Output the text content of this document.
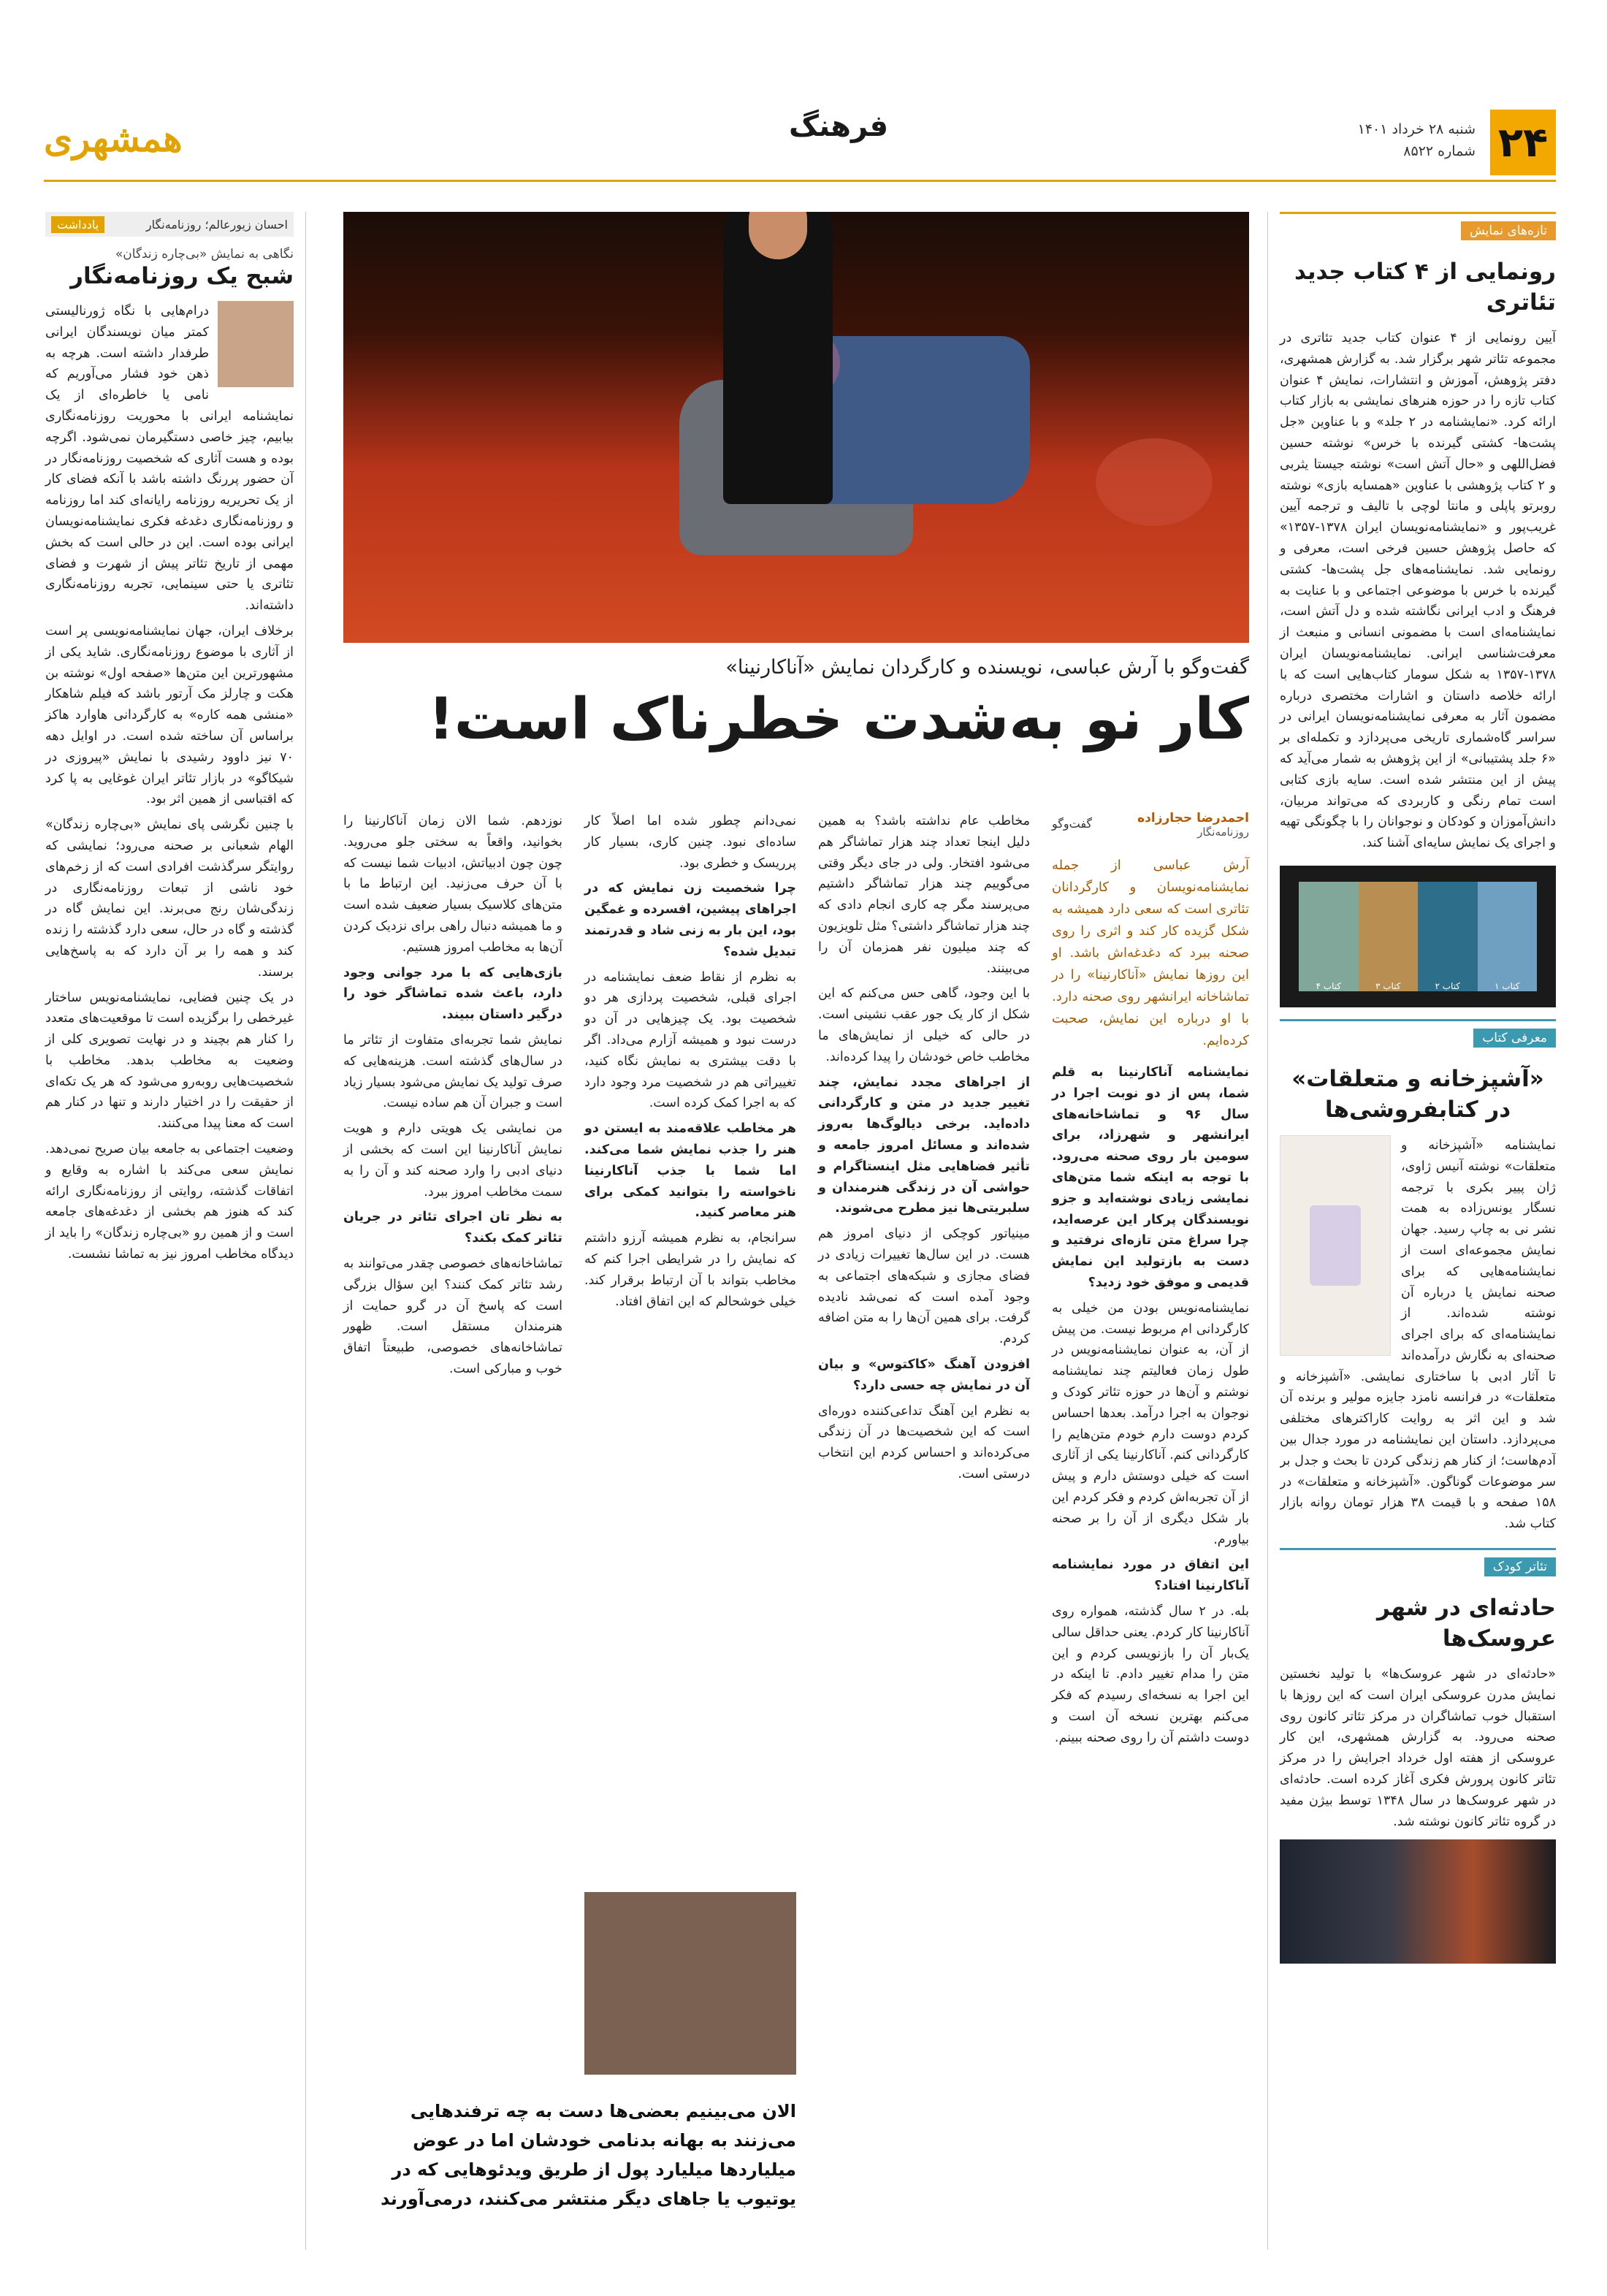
۲۴
شنبه ۲۸ خرداد ۱۴۰۱
شماره ۸۵۲۲
همشهری
تازه‌های نمایش
رونمایی از ۴ کتاب جدید تئاتری
آیین رونمایی از ۴ عنوان کتاب جدید تئاتری در مجموعه تئاتر شهر برگزار شد. به گزارش همشهری، دفتر پژوهش، آموزش و انتشارات، نمایش ۴ عنوان کتاب تازه را در حوزه هنرهای نمایشی به بازار کتاب ارائه کرد. «نمایشنامه در ۲ جلد» و با عناوین «جل پشت‌ها- کشتی گیرنده با خرس» نوشته حسین فضل‌اللهی و «حال آتش است» نوشته جیستا یثربی و ۲ کتاب پژوهشی با عناوین «همسایه بازی» نوشته روبرتو پاپلی و مانتا لوچی با تالیف و ترجمه آیین غریب‌پور و «نمایشنامه‌نویسان ایران ۱۳۷۸-۱۳۵۷» که حاصل پژوهش حسین فرخی است، معرفی و رونمایی شد. نمایشنامه‌های جل پشت‌ها- کشتی گیرنده با خرس با موضوعی اجتماعی و با عنایت به فرهنگ و ادب ایرانی نگاشته شده و دل آتش است، نمایشنامه‌ای است با مضمونی انسانی و منبعث از معرفت‌شناسی ایرانی. نمایشنامه‌نویسان ایران ۱۳۷۸-۱۳۵۷ به شکل سومار کتاب‌هایی است که با ارائه خلاصه داستان و اشارات مختصری درباره مضمون آثار به معرفی نمایشنامه‌نویسان ایرانی در سراسر گاه‌شماری تاریخی می‌پردازد و تکمله‌ای بر «۶ جلد پشتیبانی» از این پژوهش به شمار می‌آید که پیش از این منتشر شده است. سایه بازی کتابی است تمام رنگی و کاربردی که می‌تواند مربیان، دانش‌آموزان و کودکان و نوجوانان را با چگونگی تهیه و اجرای یک نمایش سایه‌ای آشنا کند.
کتاب ۱
کتاب ۲
کتاب ۳
کتاب ۴
معرفی کتاب
«آشپزخانه و متعلقات» در کتابفروشی‌ها
نمایشنامه «آشپزخانه و متعلقات» نوشته آنیس ژاوی، ژان پییر بکری با ترجمه نسگار یونس‌زاده به همت نشر نی به چاپ رسید. جهان نمایش مجموعه‌ای است از نمایشنامه‌هایی که برای صحنه نمایش یا درباره آن نوشته شده‌اند. از نمایشنامه‌ای که برای اجرای صحنه‌ای به نگارش درآمده‌اند تا آثار ادبی با ساختاری نمایشی. «آشپزخانه و متعلقات» در فرانسه نامزد جایزه مولیر و برنده آن شد و این اثر به روایت کاراکترهای مختلفی می‌پردازد. داستان این نمایشنامه در مورد جدال بین آدم‌هاست؛ از کنار هم زندگی کردن تا بحث و جدل بر سر موضوعات گوناگون. «آشپزخانه و متعلقات» در ۱۵۸ صفحه و با قیمت ۳۸ هزار تومان روانه بازار کتاب شد.
تئاتر کودک
حادثه‌ای در شهر عروسک‌ها
«حادثه‌ای در شهر عروسک‌ها» با تولید نخستین نمایش مدرن عروسکی ایران است که این روزها با استقبال خوب تماشاگران در مرکز تئاتر کانون روی صحنه می‌رود. به گزارش همشهری، این کار عروسکی از هفته اول خرداد اجرایش را در مرکز تئاتر کانون پرورش فکری آغاز کرده است. حادثه‌ای در شهر عروسک‌ها در سال ۱۳۴۸ توسط بیژن مفید در گروه تئاتر کانون نوشته شد.
احسان زیورعالم؛ روزنامه‌نگار
یادداشت
نگاهی به نمایش «بی‌چاره زندگان»
شبح یک روزنامه‌نگار

درام‌هایی با نگاه ژورنالیستی کمتر میان نویسندگان ایرانی طرفدار داشته است. هرچه به ذهن خود فشار می‌آوریم که نامی یا خاطره‌ای از یک نمایشنامه ایرانی با محوریت روزنامه‌نگاری بیابیم، چیز خاصی دستگیرمان نمی‌شود. اگرچه بوده و هست آثاری که شخصیت روزنامه‌نگار در آن حضور پررنگ داشته باشد با آنکه فضای کار از یک تحریریه روزنامه رایانه‌ای کند اما روزنامه و روزنامه‌نگاری دغدغه فکری نمایشنامه‌نویسان ایرانی بوده است. این در حالی است که بخش مهمی از تاریخ تئاتر پیش از شهرت و فضای تئاتری یا حتی سینمایی، تجربه روزنامه‌نگاری داشته‌اند.

برخلاف ایران، جهان نمایشنامه‌نویسی پر است از آثاری با موضوع روزنامه‌نگاری. شاید یکی از مشهورترین این متن‌ها «صفحه اول» نوشته بن هکت و چارلز مک آرتور باشد که فیلم شاهکار «منشی همه کاره» به کارگردانی هاوارد هاکز براساس آن ساخته شده است. در اوایل دهه ۷۰ نیز داوود رشیدی با نمایش «پیروزی در شیکاگو» در بازار تئاتر ایران غوغایی به پا کرد که اقتباسی از همین اثر بود.

با چنین نگرشی پای نمایش «بی‌چاره زندگان» الهام شعبانی بر صحنه می‌رود؛ نمایشی که روایتگر سرگذشت افرادی است که از زخم‌های خود ناشی از تبعات روزنامه‌نگاری در زندگی‌شان رنج می‌برند. این نمایش گاه در گذشته و گاه در حال، سعی دارد گذشته را زنده کند و همه را بر آن دارد که به پاسخ‌هایی برسند.

در یک چنین فضایی، نمایشنامه‌نویس ساختار غیرخطی را برگزیده است تا موقعیت‌های متعدد را کنار هم بچیند و در نهایت تصویری کلی از وضعیت به مخاطب بدهد. مخاطب با شخصیت‌هایی روبه‌رو می‌شود که هر یک تکه‌ای از حقیقت را در اختیار دارند و تنها در کنار هم است که معنا پیدا می‌کنند.

وضعیت اجتماعی به جامعه بیان صریح نمی‌دهد. نمایش سعی می‌کند با اشاره به وقایع و اتفاقات گذشته، روایتی از روزنامه‌نگاری ارائه کند که هنوز هم بخشی از دغدغه‌های جامعه است و از همین رو «بی‌چاره زندگان» را باید از دیدگاه مخاطب امروز نیز به تماشا نشست.

گفت‌وگو با آرش عباسی، نویسنده و کارگردان نمایش «آناکارنینا»
کار نو به‌شدت خطرناک است!
احمدرضا حجارزاده
روزنامه‌نگار
گفت‌وگو
آرش عباسی از جمله نمایشنامه‌نویسان و کارگردانان تئاتری است که سعی دارد همیشه به شکل گزیده کار کند و اثری را روی صحنه ببرد که دغدغه‌اش باشد. او این روزها نمایش «آناکارنینا» را در تماشاخانه ایرانشهر روی صحنه دارد. با او درباره این نمایش، صحبت کرده‌ایم.

نمایشنامه آناکارنینا به قلم شما، پس از دو نوبت اجرا در سال ۹۶ و تماشاخانه‌های ایرانشهر و شهرزاد، برای سومین بار روی صحنه می‌رود. با توجه به اینکه شما متن‌های نمایشی زیادی نوشته‌اید و جزو نویسندگان پرکار این عرصه‌اید، چرا سراغ متن تازه‌ای نرفتید و دست به بازتولید این نمایش قدیمی و موفق خود زدید؟

نمایشنامه‌نویس بودن من خیلی به کارگردانی ام مربوط نیست. من پیش از آن، به عنوان نمایشنامه‌نویس در طول زمان فعالیتم چند نمایشنامه نوشتم و آن‌ها در حوزه تئاتر کودک و نوجوان به اجرا درآمد. بعدها احساس کردم دوست دارم خودم متن‌هایم را کارگردانی کنم. آناکارنینا یکی از آثاری است که خیلی دوستش دارم و پیش از آن تجربه‌اش کردم و فکر کردم این بار شکل دیگری از آن را بر صحنه بیاورم.

این اتفاق در مورد نمایشنامه آناکارنینا افتاد؟

بله. در ۲ سال گذشته، همواره روی آناکارنینا کار کردم. یعنی حداقل سالی یک‌بار آن را بازنویسی کردم و این متن را مدام تغییر دادم. تا اینکه در این اجرا به نسخه‌ای رسیدم که فکر می‌کنم بهترین نسخه آن است و دوست داشتم آن را روی صحنه ببینم.

مخاطب عام نداشته باشد؟ به همین دلیل اینجا تعداد چند هزار تماشاگر هم می‌شود افتخار. ولی در جای دیگر وقتی می‌گوییم چند هزار تماشاگر داشتیم می‌پرسند مگر چه کاری انجام دادی که چند هزار تماشاگر داشتی؟ مثل تلویزیون که چند میلیون نفر همزمان آن را می‌بینند.

با این وجود، گاهی حس می‌کنم که این شکل از کار یک جور عقب نشینی است. در حالی که خیلی از نمایش‌های ما مخاطب خاص خودشان را پیدا کرده‌اند.

از اجراهای مجدد نمایش، چند تغییر جدید در متن و کارگردانی داده‌اید. برخی دیالوگ‌ها به‌روز شده‌اند و مسائل امروز جامعه و تأثیر فضاهایی مثل اینستاگرام و حواشی آن در زندگی هنرمندان و سلبریتی‌ها نیز مطرح می‌شوند.

مینیاتور کوچکی از دنیای امروز هم هست. در این سال‌ها تغییرات زیادی در فضای مجازی و شبکه‌های اجتماعی به وجود آمده است که نمی‌شد نادیده گرفت. برای همین آن‌ها را به متن اضافه کردم.

افزودن آهنگ «کاکتوس» و بیان آن در نمایش چه حسی دارد؟

به نظرم این آهنگ تداعی‌کننده دوره‌ای است که این شخصیت‌ها در آن زندگی می‌کرده‌اند و احساس کردم این انتخاب درستی است.

نمی‌دانم چطور شده اما اصلاً کار ساده‌ای نبود. چنین کاری، بسیار کار پرریسک و خطری بود.

چرا شخصیت زن نمایش که در اجراهای پیشین، افسرده و غمگین بود، این بار به زنی شاد و قدرتمند تبدیل شده؟

به نظرم از نقاط ضعف نمایشنامه در اجرای قبلی، شخصیت پردازی هر دو شخصیت بود. یک چیزهایی در آن دو درست نبود و همیشه آزارم می‌داد. اگر با دقت بیشتری به نمایش نگاه کنید، تغییراتی هم در شخصیت مرد وجود دارد که به اجرا کمک کرده است.

هر مخاطب علاقه‌مند به ایستن دو هنر را جذب نمایش شما می‌کند. اما شما با جذب آناکارنینا ناخواسته را بتوانید کمکی برای هنر معاصر کنید.

سرانجام، به نظرم همیشه آرزو داشتم که نمایش را در شرایطی اجرا کنم که مخاطب بتواند با آن ارتباط برقرار کند. خیلی خوشحالم که این اتفاق افتاد.

نوزدهم. شما الان زمان آناکارنینا را بخوانید، واقعاً به سختی جلو می‌روید. چون چون ادبیاتش، ادبیات شما نیست که با آن حرف می‌زنید. این ارتباط ما با متن‌های کلاسیک بسیار ضعیف شده است و ما همیشه دنبال راهی برای نزدیک کردن آن‌ها به مخاطب امروز هستیم.

بازی‌هایی که با مرد جوانی وجود دارد، باعث شده تماشاگر خود را درگیر داستان ببیند.

نمایش شما تجربه‌ای متفاوت از تئاتر ما در سال‌های گذشته است. هزینه‌هایی که صرف تولید یک نمایش می‌شود بسیار زیاد است و جبران آن هم ساده نیست.

من نمایشی یک هویتی دارم و هویت نمایش آناکارنینا این است که بخشی از دنیای ادبی را وارد صحنه کند و آن را به سمت مخاطب امروز ببرد.

به نظر تان اجرای تئاتر در جریان تئاتر کمک بکند؟

تماشاخانه‌های خصوصی چقدر می‌توانند به رشد تئاتر کمک کنند؟ این سؤال بزرگی است که پاسخ آن در گرو حمایت از هنرمندان مستقل است. ظهور تماشاخانه‌های خصوصی، طبیعتاً اتفاق خوب و مبارکی است.

الان می‌بینیم بعضی‌ها دست به چه ترفندهایی می‌زنند به بهانه بدنامی خودشان اما در عوض میلیاردها میلیارد پول از طریق ویدئوهایی که در یوتیوب یا جاهای دیگر منتشر می‌کنند، درمی‌آورند
فرهنگ
